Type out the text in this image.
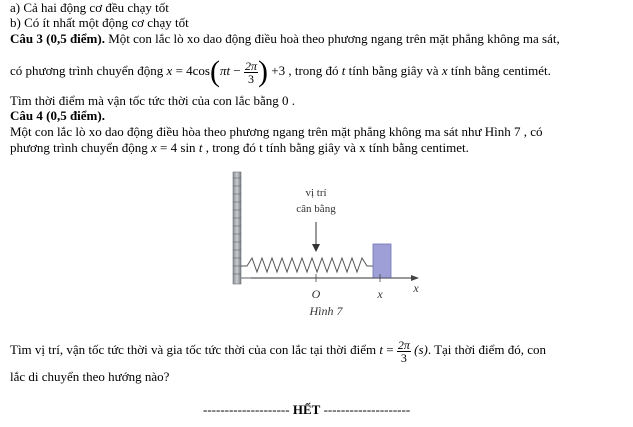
a) Cả hai động cơ đều chạy tốt
b) Có ít nhất một động cơ chạy tốt
Câu 3 (0,5 điểm). Một con lắc lò xo dao động điều hoà theo phương ngang trên mặt phẳng không ma sát,
có phương trình chuyển động $x = 4\cos(\pi t - \frac{2\pi}{3}$ ) +3 , trong đó t tính bằng giây và x tính bằng centimét.
Tìm thời điểm mà vận tốc tức thời của con lắc bằng 0 .
Câu 4 (0,5 điểm).
Một con lắc lò xo dao động điều hòa theo phương ngang trên mặt phẳng không ma sát như Hình 7 , có
phương trình chuyển động x = 4 sin t , trong đó t tính bằng giây và x tính bằng centimet.
vị trí
cân bằng
O	x	x
Hình 7
Tìm vị trí, vận tốc tức thời và gia tốc tức thời của con lắc tại thời điểm $t = \frac{2\pi}{3} (s)$. Tại thời điểm đó, con
lắc di chuyển theo hướng nào?
-------------------- HẾT --------------------
